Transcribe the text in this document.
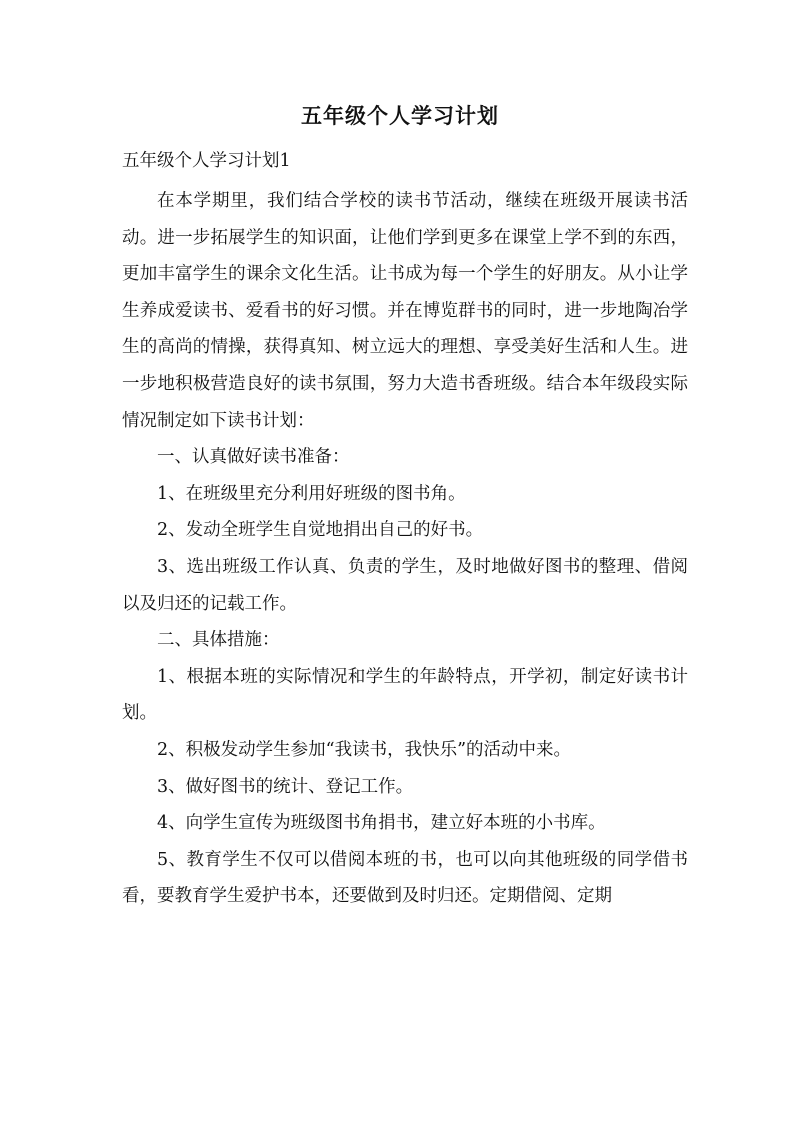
五年级个人学习计划
五年级个人学习计划1

在本学期里，我们结合学校的读书节活动，继续在班级开展读书活动。进一步拓展学生的知识面，让他们学到更多在课堂上学不到的东西，更加丰富学生的课余文化生活。让书成为每一个学生的好朋友。从小让学生养成爱读书、爱看书的好习惯。并在博览群书的同时，进一步地陶冶学生的高尚的情操，获得真知、树立远大的理想、享受美好生活和人生。进一步地积极营造良好的读书氛围，努力大造书香班级。结合本年级段实际情况制定如下读书计划：

一、认真做好读书准备：

1、在班级里充分利用好班级的图书角。

2、发动全班学生自觉地捐出自己的好书。

3、选出班级工作认真、负责的学生，及时地做好图书的整理、借阅以及归还的记载工作。

二、具体措施：

1、根据本班的实际情况和学生的年龄特点，开学初，制定好读书计划。

2、积极发动学生参加“我读书，我快乐”的活动中来。

3、做好图书的统计、登记工作。

4、向学生宣传为班级图书角捐书，建立好本班的小书库。

5、教育学生不仅可以借阅本班的书，也可以向其他班级的同学借书看，要教育学生爱护书本，还要做到及时归还。定期借阅、定期
